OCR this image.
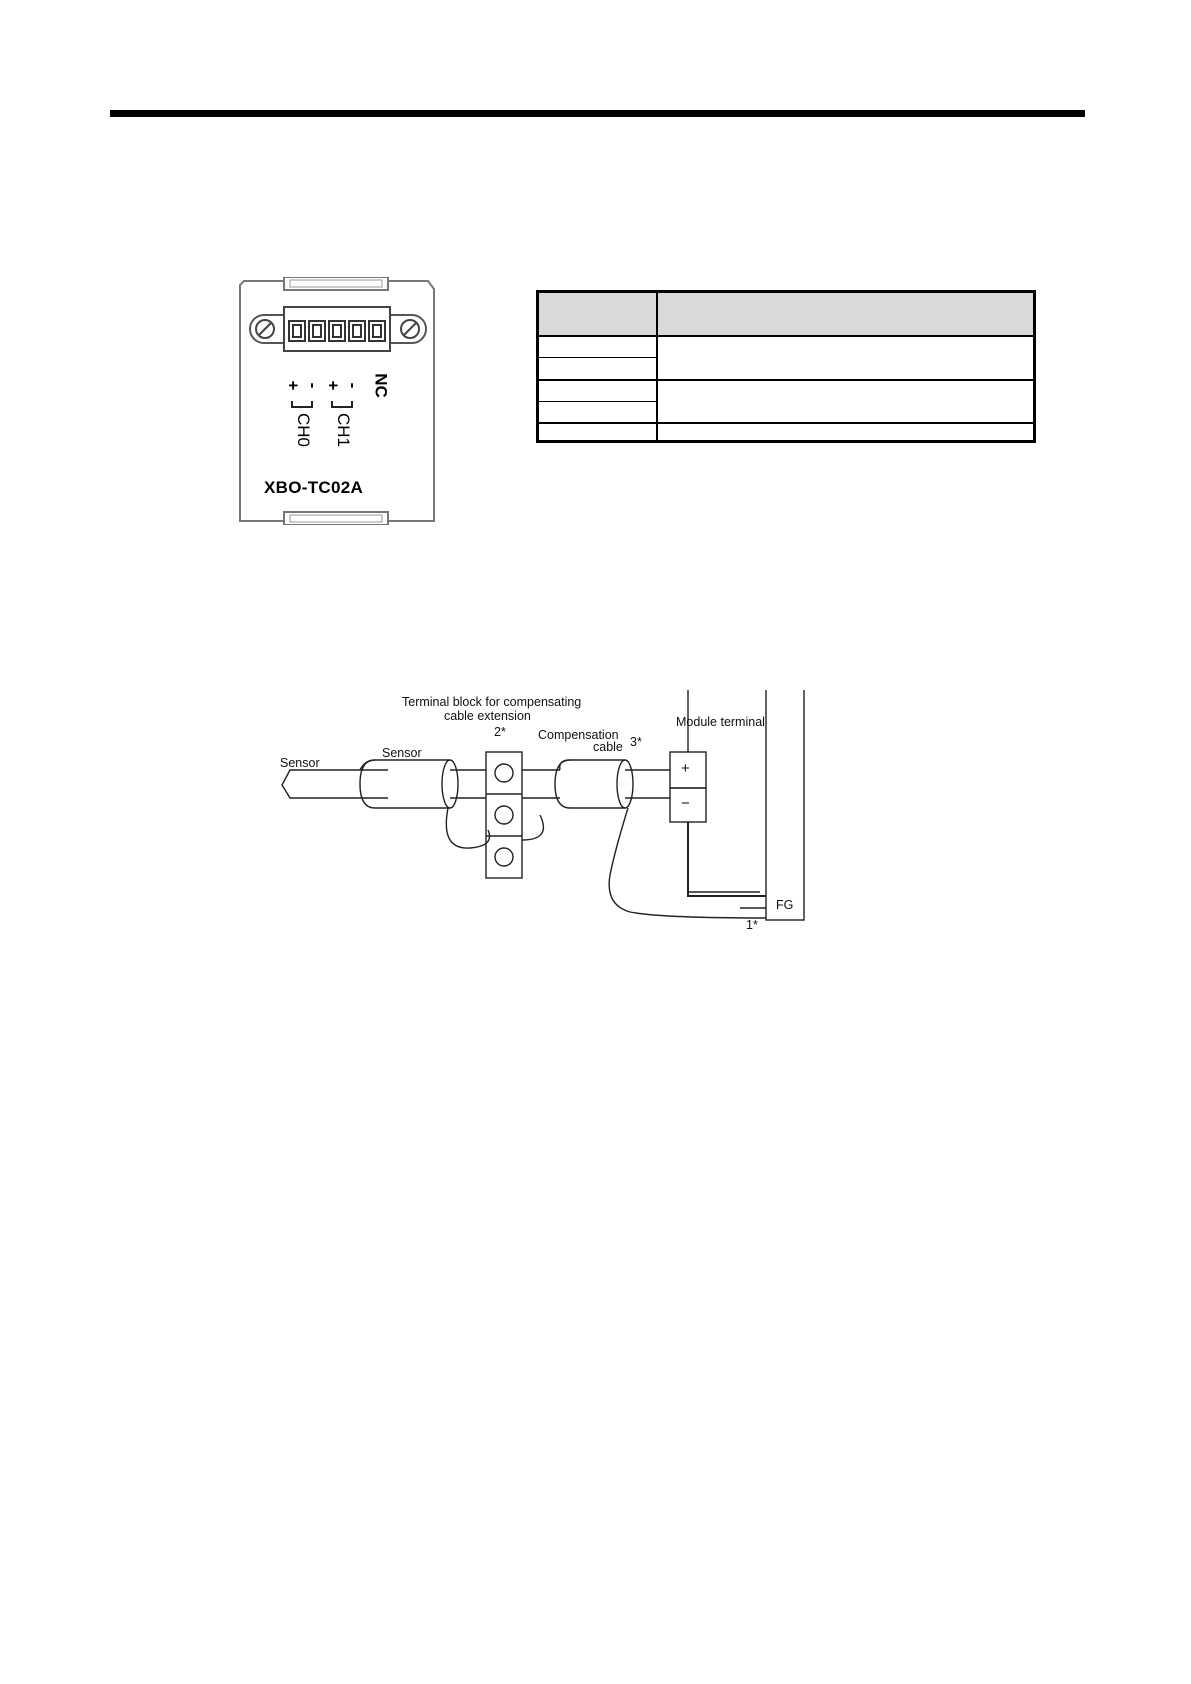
+ - + - NC
CH0 CH1
XBO-TC02A
Sensor
Sensor
Terminal block for compensating
cable extension
2*	Compensation
cable 3*
Module terminal
+
−
FG
1*
